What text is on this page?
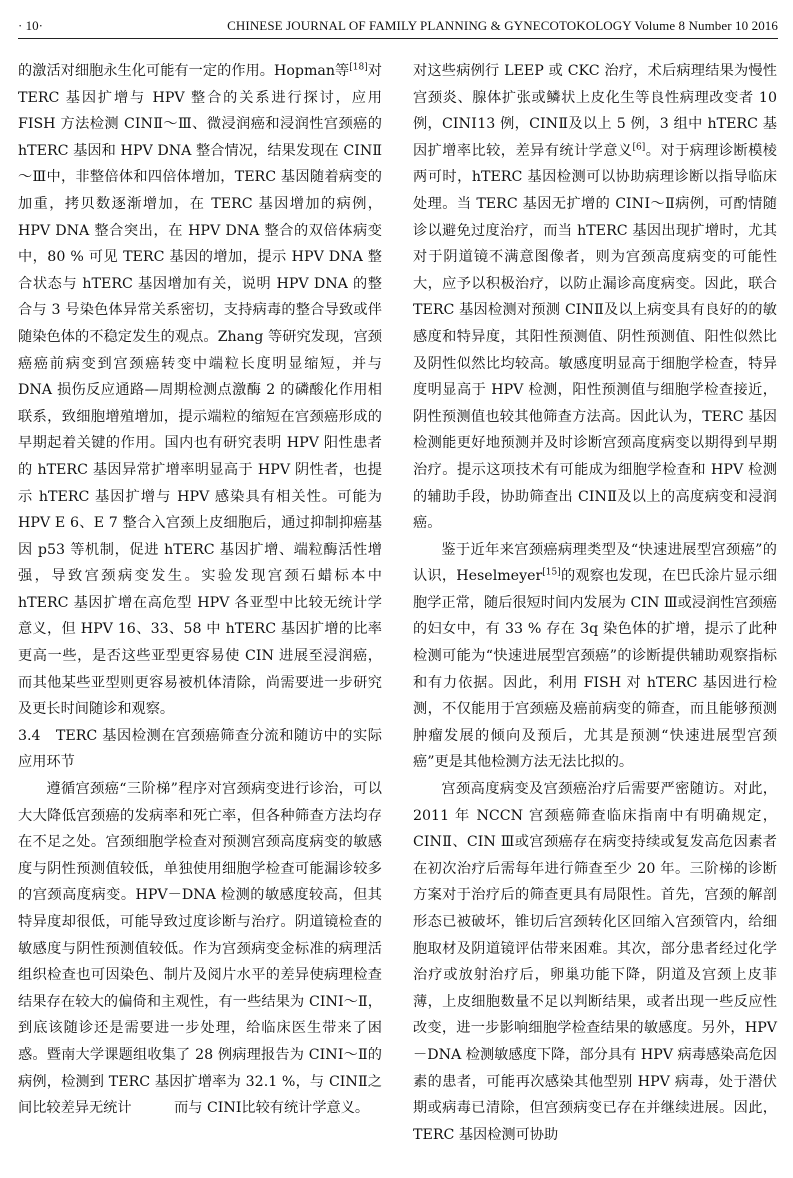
· 10·	CHINESE JOURNAL OF FAMILY PLANNING & GYNECOTOKOLOGY Volume 8 Number 10 2016

的激活对细胞永生化可能有一定的作用。Hopman等[18]对 TERC 基因扩增与 HPV 整合的关系进行探讨，应用 FISH 方法检测 CINⅡ～Ⅲ、微浸润癌和浸润性宫颈癌的 hTERC 基因和 HPV DNA 整合情况，结果发现在 CINⅡ～Ⅲ中，非整倍体和四倍体增加，TERC 基因随着病变的加重，拷贝数逐渐增加，在 TERC 基因增加的病例，HPV DNA 整合突出，在 HPV DNA 整合的双倍体病变中，80 % 可见 TERC 基因的增加，提示 HPV DNA 整合状态与 hTERC 基因增加有关，说明 HPV DNA 的整合与 3 号染色体异常关系密切，支持病毒的整合导致或伴随染色体的不稳定发生的观点。Zhang 等研究发现，宫颈癌癌前病变到宫颈癌转变中端粒长度明显缩短，并与 DNA 损伤反应通路—周期检测点激酶 2 的磷酸化作用相联系，致细胞增殖增加，提示端粒的缩短在宫颈癌形成的早期起着关键的作用。国内也有研究表明 HPV 阳性患者的 hTERC 基因异常扩增率明显高于 HPV 阴性者，也提示 hTERC 基因扩增与 HPV 感染具有相关性。可能为 HPV E 6、E 7 整合入宫颈上皮细胞后，通过抑制抑癌基因 p53 等机制，促进 hTERC 基因扩增、端粒酶活性增强，导致宫颈病变发生。实验发现宫颈石蜡标本中 hTERC 基因扩增在高危型 HPV 各亚型中比较无统计学意义，但 HPV 16、33、58 中 hTERC 基因扩增的比率更高一些，是否这些亚型更容易使 CIN 进展至浸润癌，而其他某些亚型则更容易被机体清除，尚需要进一步研究及更长时间随诊和观察。

3.4　TERC 基因检测在宫颈癌筛查分流和随访中的实际应用环节

遵循宫颈癌“三阶梯”程序对宫颈病变进行诊治，可以大大降低宫颈癌的发病率和死亡率，但各种筛查方法均存在不足之处。宫颈细胞学检查对预测宫颈高度病变的敏感度与阴性预测值较低，单独使用细胞学检查可能漏诊较多的宫颈高度病变。HPV－DNA 检测的敏感度较高，但其特异度却很低，可能导致过度诊断与治疗。阴道镜检查的敏感度与阴性预测值较低。作为宫颈病变金标准的病理活组织检查也可因染色、制片及阅片水平的差异使病理检查结果存在较大的偏倚和主观性，有一些结果为 CINⅠ～Ⅱ，到底该随诊还是需要进一步处理，给临床医生带来了困惑。暨南大学课题组收集了 28 例病理报告为 CINⅠ～Ⅱ的病例，检测到 TERC 基因扩增率为 32.1 %，与 CINⅡ之间比较差异无统计　　　而与 CINⅠ比较有统计学意义。

对这些病例行 LEEP 或 CKC 治疗，术后病理结果为慢性宫颈炎、腺体扩张或鳞状上皮化生等良性病理改变者 10 例，CINⅠ13 例，CINⅡ及以上 5 例，3 组中 hTERC 基因扩增率比较，差异有统计学意义[6]。对于病理诊断模棱两可时，hTERC 基因检测可以协助病理诊断以指导临床处理。当 TERC 基因无扩增的 CINⅠ～Ⅱ病例，可酌情随诊以避免过度治疗，而当 hTERC 基因出现扩增时，尤其对于阴道镜不满意图像者，则为宫颈高度病变的可能性大，应予以积极治疗，以防止漏诊高度病变。因此，联合 TERC 基因检测对预测 CINⅡ及以上病变具有良好的的敏感度和特异度，其阳性预测值、阴性预测值、阳性似然比及阴性似然比均较高。敏感度明显高于细胞学检查，特异度明显高于 HPV 检测，阳性预测值与细胞学检查接近，阴性预测值也较其他筛查方法高。因此认为，TERC 基因检测能更好地预测并及时诊断宫颈高度病变以期得到早期治疗。提示这项技术有可能成为细胞学检查和 HPV 检测的辅助手段，协助筛查出 CINⅡ及以上的高度病变和浸润癌。

鉴于近年来宫颈癌病理类型及“快速进展型宫颈癌”的认识，Heselmeyer[15]的观察也发现，在巴氏涂片显示细胞学正常，随后很短时间内发展为 CIN Ⅲ或浸润性宫颈癌的妇女中，有 33 % 存在 3q 染色体的扩增，提示了此种检测可能为“快速进展型宫颈癌”的诊断提供辅助观察指标和有力依据。因此，利用 FISH 对 hTERC 基因进行检测，不仅能用于宫颈癌及癌前病变的筛查，而且能够预测肿瘤发展的倾向及预后，尤其是预测“快速进展型宫颈癌”更是其他检测方法无法比拟的。

宫颈高度病变及宫颈癌治疗后需要严密随访。对此，2011 年 NCCN 宫颈癌筛查临床指南中有明确规定，CINⅡ、CIN Ⅲ或宫颈癌存在病变持续或复发高危因素者在初次治疗后需每年进行筛查至少 20 年。三阶梯的诊断方案对于治疗后的筛查更具有局限性。首先，宫颈的解剖形态已被破坏，锥切后宫颈转化区回缩入宫颈管内，给细胞取材及阴道镜评估带来困难。其次，部分患者经过化学治疗或放射治疗后，卵巢功能下降，阴道及宫颈上皮菲薄，上皮细胞数量不足以判断结果，或者出现一些反应性改变，进一步影响细胞学检查结果的敏感度。另外，HPV－DNA 检测敏感度下降，部分具有 HPV 病毒感染高危因素的患者，可能再次感染其他型别 HPV 病毒，处于潜伏期或病毒已清除，但宫颈病变已存在并继续进展。因此，TERC 基因检测可协助
